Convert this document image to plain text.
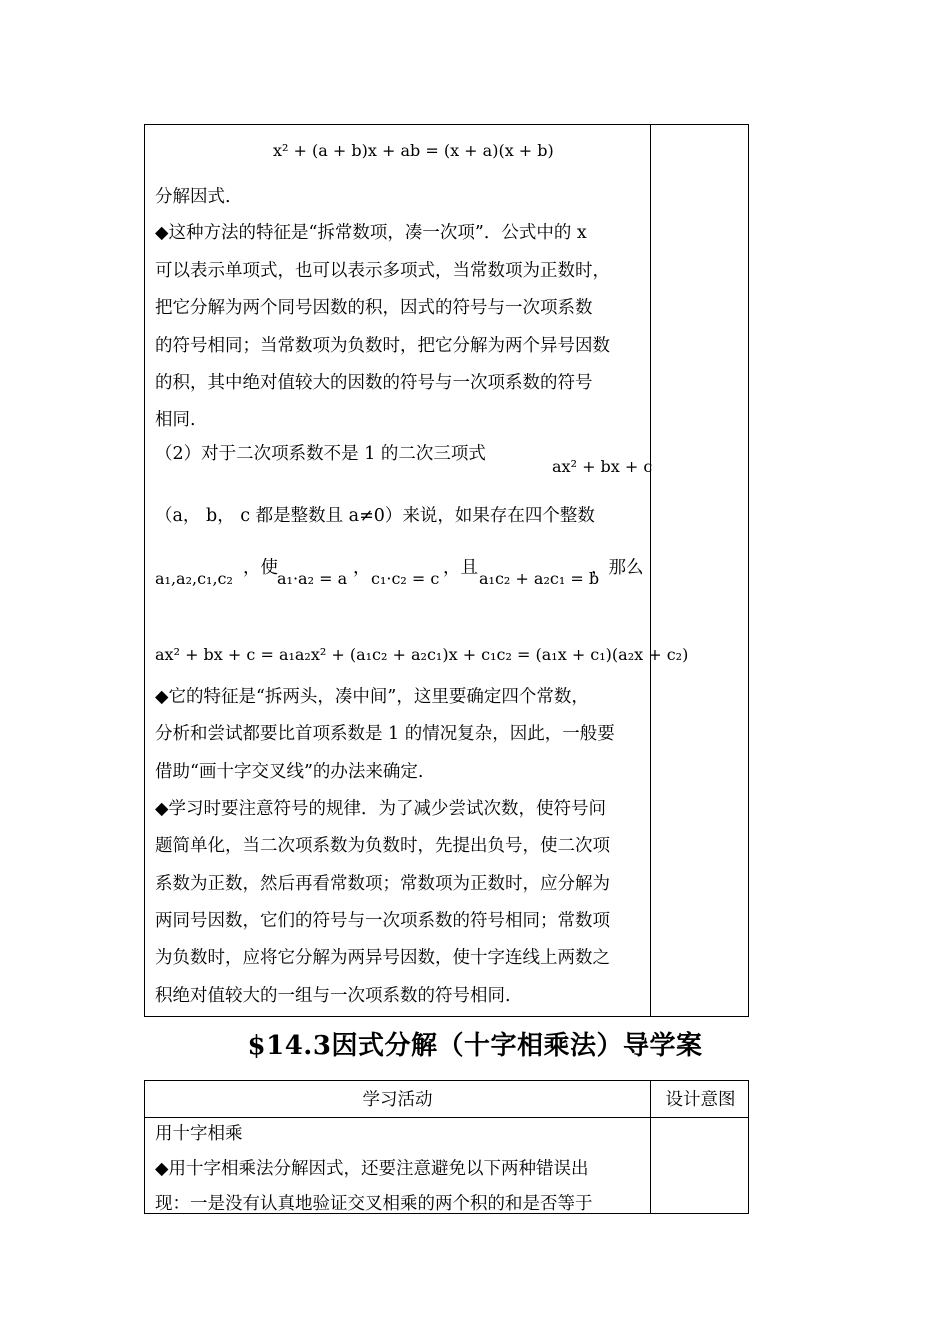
x² + (a + b)x + ab = (x + a)(x + b)
分解因式.
◆这种方法的特征是“拆常数项，凑一次项”．公式中的 x
可以表示单项式，也可以表示多项式，当常数项为正数时，
把它分解为两个同号因数的积，因式的符号与一次项系数
的符号相同；当常数项为负数时，把它分解为两个异号因数
的积，其中绝对值较大的因数的符号与一次项系数的符号
相同.
（2）对于二次项系数不是 1 的二次三项式
ax² + bx + c
（a， b， c 都是整数且 a≠0）来说，如果存在四个整数
a₁,a₂,c₁,c₂
，使
a₁·a₂ = a
，
c₁·c₂ = c
，且
a₁c₂ + a₂c₁ = b
，那么
ax² + bx + c = a₁a₂x² + (a₁c₂ + a₂c₁)x + c₁c₂ = (a₁x + c₁)(a₂x + c₂)
◆它的特征是“拆两头，凑中间”，这里要确定四个常数，
分析和尝试都要比首项系数是 1 的情况复杂，因此，一般要
借助“画十字交叉线”的办法来确定.
◆学习时要注意符号的规律．为了减少尝试次数，使符号问
题简单化，当二次项系数为负数时，先提出负号，使二次项
系数为正数，然后再看常数项；常数项为正数时，应分解为
两同号因数，它们的符号与一次项系数的符号相同；常数项
为负数时，应将它分解为两异号因数，使十字连线上两数之
积绝对值较大的一组与一次项系数的符号相同.
$14.3因式分解（十字相乘法）导学案
学习活动	设计意图
用十字相乘
◆用十字相乘法分解因式，还要注意避免以下两种错误出
现：一是没有认真地验证交叉相乘的两个积的和是否等于
